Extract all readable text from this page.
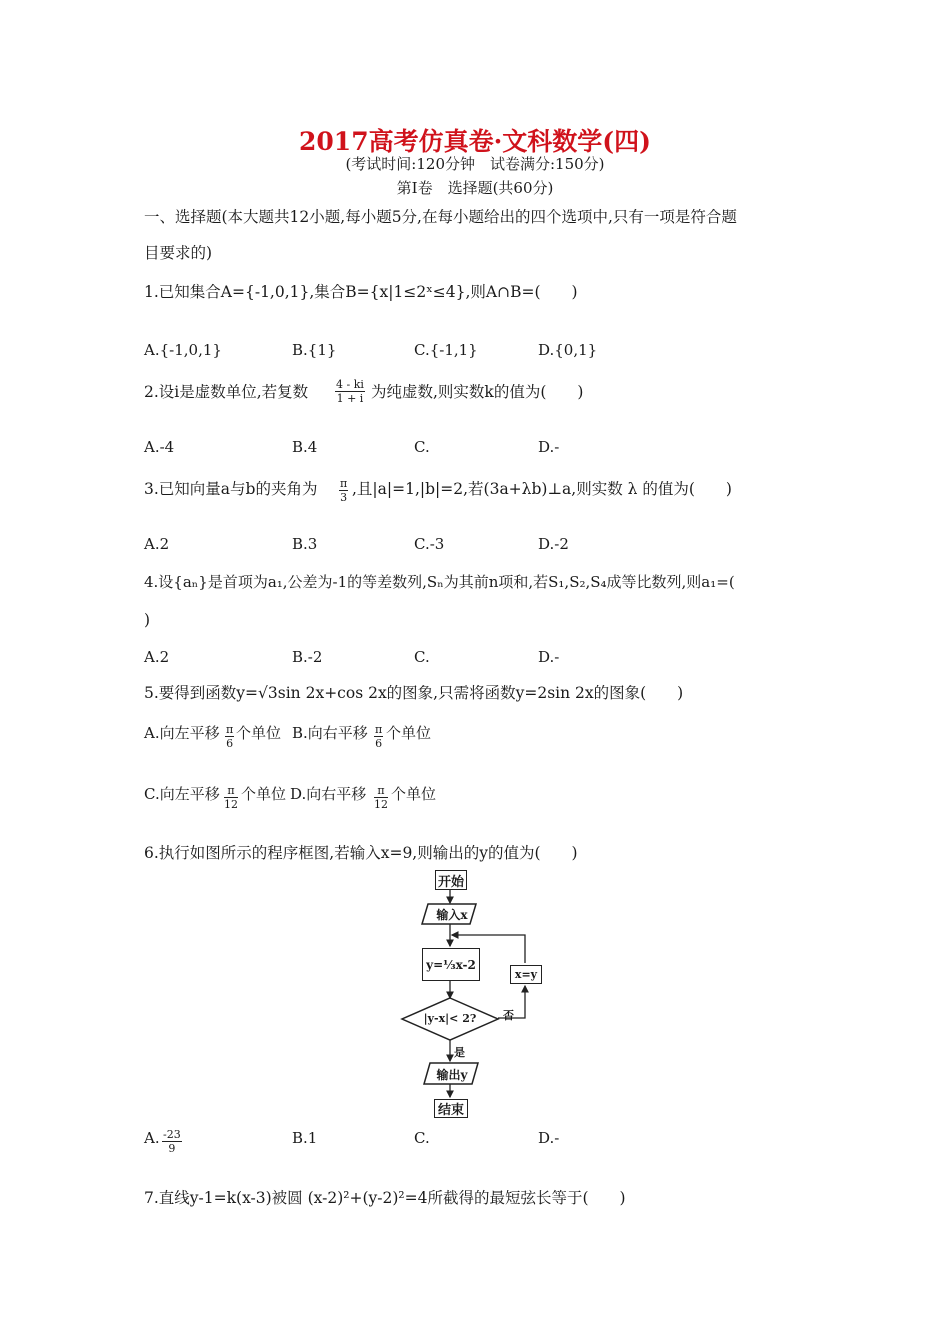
2017高考仿真卷·文科数学(四)
(考试时间:120分钟　试卷满分:150分)
第Ⅰ卷　选择题(共60分)
一、选择题(本大题共12小题,每小题5分,在每小题给出的四个选项中,只有一项是符合题
目要求的)
1.已知集合A={-1,0,1},集合B={x|1≤2ˣ≤4},则A∩B=(　　)
A.{-1,0,1}	B.{1}	C.{-1,1}	D.{0,1}
2.设i是虚数单位,若复数 $\frac{4 - ki}{1 + i}$ 为纯虚数,则实数k的值为(　　)
A.-4	B.4	C.	D.-
3.已知向量a与b的夹角为 $\frac{\pi}{3}$ ,且|a|=1,|b|=2,若(3a+λb)⊥a,则实数 λ 的值为(　　)
A.2	B.3	C.-3	D.-2
4.设{aₙ}是首项为a₁,公差为-1的等差数列,Sₙ为其前n项和,若S₁,S₂,S₄成等比数列,则a₁=(
)
A.2	B.-2	C.	D.-
5.要得到函数y=√3sin 2x+cos 2x的图象,只需将函数y=2sin 2x的图象(　　)
A.向左平移 $\frac{\pi}{6}$ 个单位 B.向右平移 $\frac{\pi}{6}$ 个单位
C.向左平移 $\frac{\pi}{12}$ 个单位 D.向右平移 $\frac{\pi}{12}$ 个单位
6.执行如图所示的程序框图,若输入x=9,则输出的y的值为(　　)
开始
输入x
y=⅓x-2
|y-x|< 2?
x=y
否
是
输出y
结束
A. $\frac{-23}{9}$	B.1	C.	D.-
7.直线y-1=k(x-3)被圆 (x-2)²+(y-2)²=4所截得的最短弦长等于(　　)
